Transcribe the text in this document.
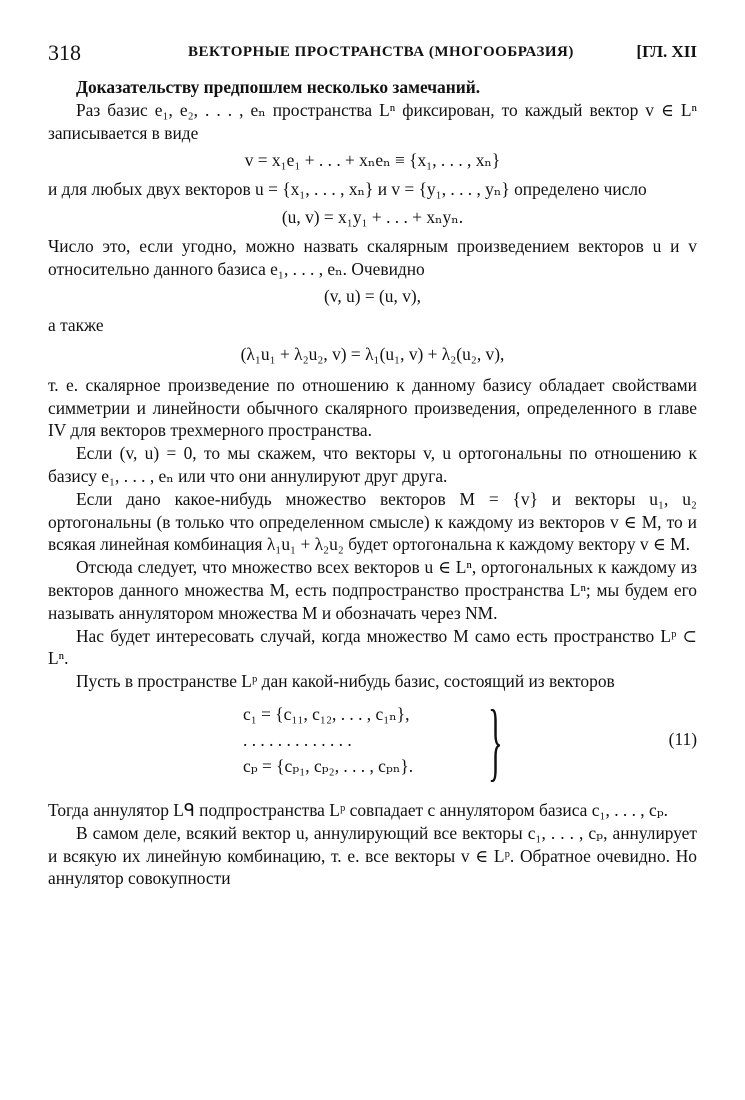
318	ВЕКТОРНЫЕ ПРОСТРАНСТВА (МНОГООБРАЗИЯ)	[ГЛ. XII

Доказательству предпошлем несколько замечаний.

Раз базис e₁, e₂, . . . , eₙ пространства Lⁿ фиксирован, то каждый вектор v ∈ Lⁿ записывается в виде

v = x₁e₁ + . . . + xₙeₙ ≡ {x₁, . . . , xₙ}

и для любых двух векторов u = {x₁, . . . , xₙ} и v = {y₁, . . . , yₙ} определено число

(u, v) = x₁y₁ + . . . + xₙyₙ.

Число это, если угодно, можно назвать скалярным произведением векторов u и v относительно данного базиса e₁, . . . , eₙ. Очевидно

(v, u) = (u, v),

а также

(λ₁u₁ + λ₂u₂, v) = λ₁(u₁, v) + λ₂(u₂, v),

т. е. скалярное произведение по отношению к данному базису обладает свойствами симметрии и линейности обычного скалярного произведения, определенного в главе IV для векторов трехмерного пространства.

Если (v, u) = 0, то мы скажем, что векторы v, u ортогональны по отношению к базису e₁, . . . , eₙ или что они аннулируют друг друга.

Если дано какое-нибудь множество векторов M = {v} и векторы u₁, u₂ ортогональны (в только что определенном смысле) к каждому из векторов v ∈ M, то и всякая линейная комбинация λ₁u₁ + λ₂u₂ будет ортогональна к каждому вектору v ∈ M.

Отсюда следует, что множество всех векторов u ∈ Lⁿ, ортогональных к каждому из векторов данного множества M, есть подпространство пространства Lⁿ; мы будем его называть аннулятором множества M и обозначать через NM.

Нас будет интересовать случай, когда множество M само есть пространство Lᵖ ⊂ Lⁿ.

Пусть в пространстве Lᵖ дан какой-нибудь базис, состоящий из векторов

c₁ = {c₁₁, c₁₂, . . . , c₁ₙ},
. . . . . . . . . . . . .
cₚ = {cₚ₁, cₚ₂, . . . , cₚₙ}. }	(11)

Тогда аннулятор Lᑫ подпространства Lᵖ совпадает с аннулятором базиса c₁, . . . , cₚ.

В самом деле, всякий вектор u, аннулирующий все векторы c₁, . . . , cₚ, аннулирует и всякую их линейную комбинацию, т. е. все векторы v ∈ Lᵖ. Обратное очевидно. Но аннулятор совокупности
